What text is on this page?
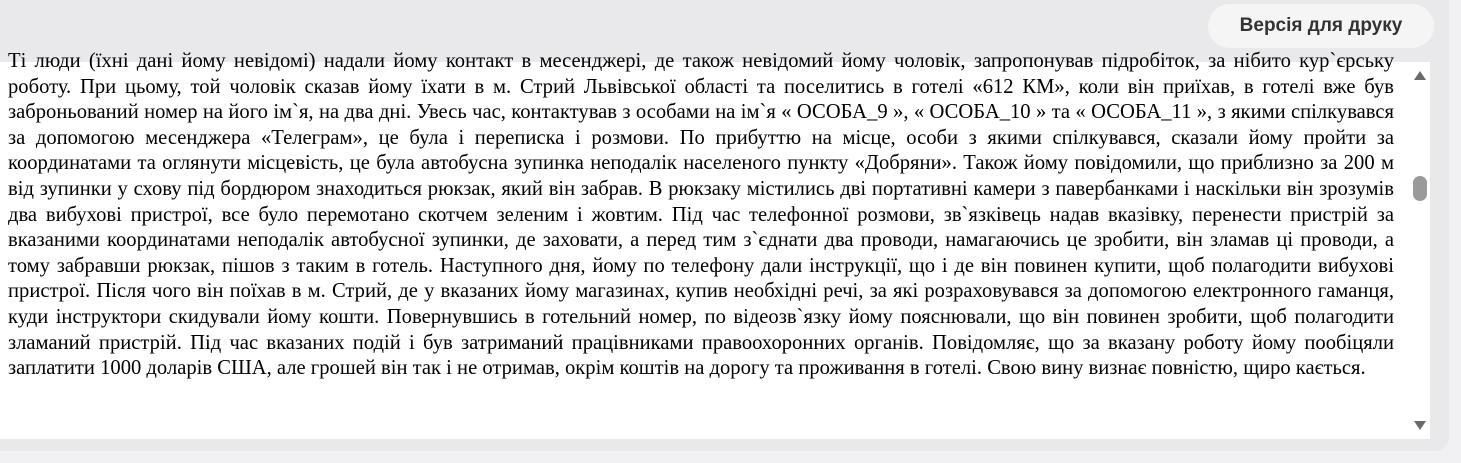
Версія для друку

Ті люди (їхні дані йому невідомі) надали йому контакт в месенджері, де також невідомий йому чоловік, запропонував підробіток, за нібито кур`єрську роботу. При цьому, той чоловік сказав йому їхати в м. Стрий Львівської області та поселитись в готелі «612 КМ», коли він приїхав, в готелі вже був заброньований номер на його ім`я, на два дні. Увесь час, контактував з особами на ім`я « ОСОБА_9 », « ОСОБА_10 » та « ОСОБА_11 », з якими спілкувався за допомогою месенджера «Телеграм», це була і переписка і розмови. По прибуттю на місце, особи з якими спілкувався, сказали йому пройти за координатами та оглянути місцевість, це була автобусна зупинка неподалік населеного пункту «Добряни». Також йому повідомили, що приблизно за 200 м від зупинки у схову під бордюром знаходиться рюкзак, який він забрав. В рюкзаку містились дві портативні камери з павербанками і наскільки він зрозумів два вибухові пристрої, все було перемотано скотчем зеленим і жовтим. Під час телефонної розмови, зв`язківець надав вказівку, перенести пристрій за вказаними координатами неподалік автобусної зупинки, де заховати, а перед тим з`єднати два проводи, намагаючись це зробити, він зламав ці проводи, а тому забравши рюкзак, пішов з таким в готель. Наступного дня, йому по телефону дали інструкції, що і де він повинен купити, щоб полагодити вибухові пристрої. Після чого він поїхав в м. Стрий, де у вказаних йому магазинах, купив необхідні речі, за які розраховувався за допомогою електронного гаманця, куди інструктори скидували йому кошти. Повернувшись в готельний номер, по відеозв`язку йому пояснювали, що він повинен зробити, щоб полагодити зламаний пристрій. Під час вказаних подій і був затриманий працівниками правоохоронних органів. Повідомляє, що за вказану роботу йому пообіцяли заплатити 1000 доларів США, але грошей він так і не отримав, окрім коштів на дорогу та проживання в готелі. Свою вину визнає повністю, щиро кається.
